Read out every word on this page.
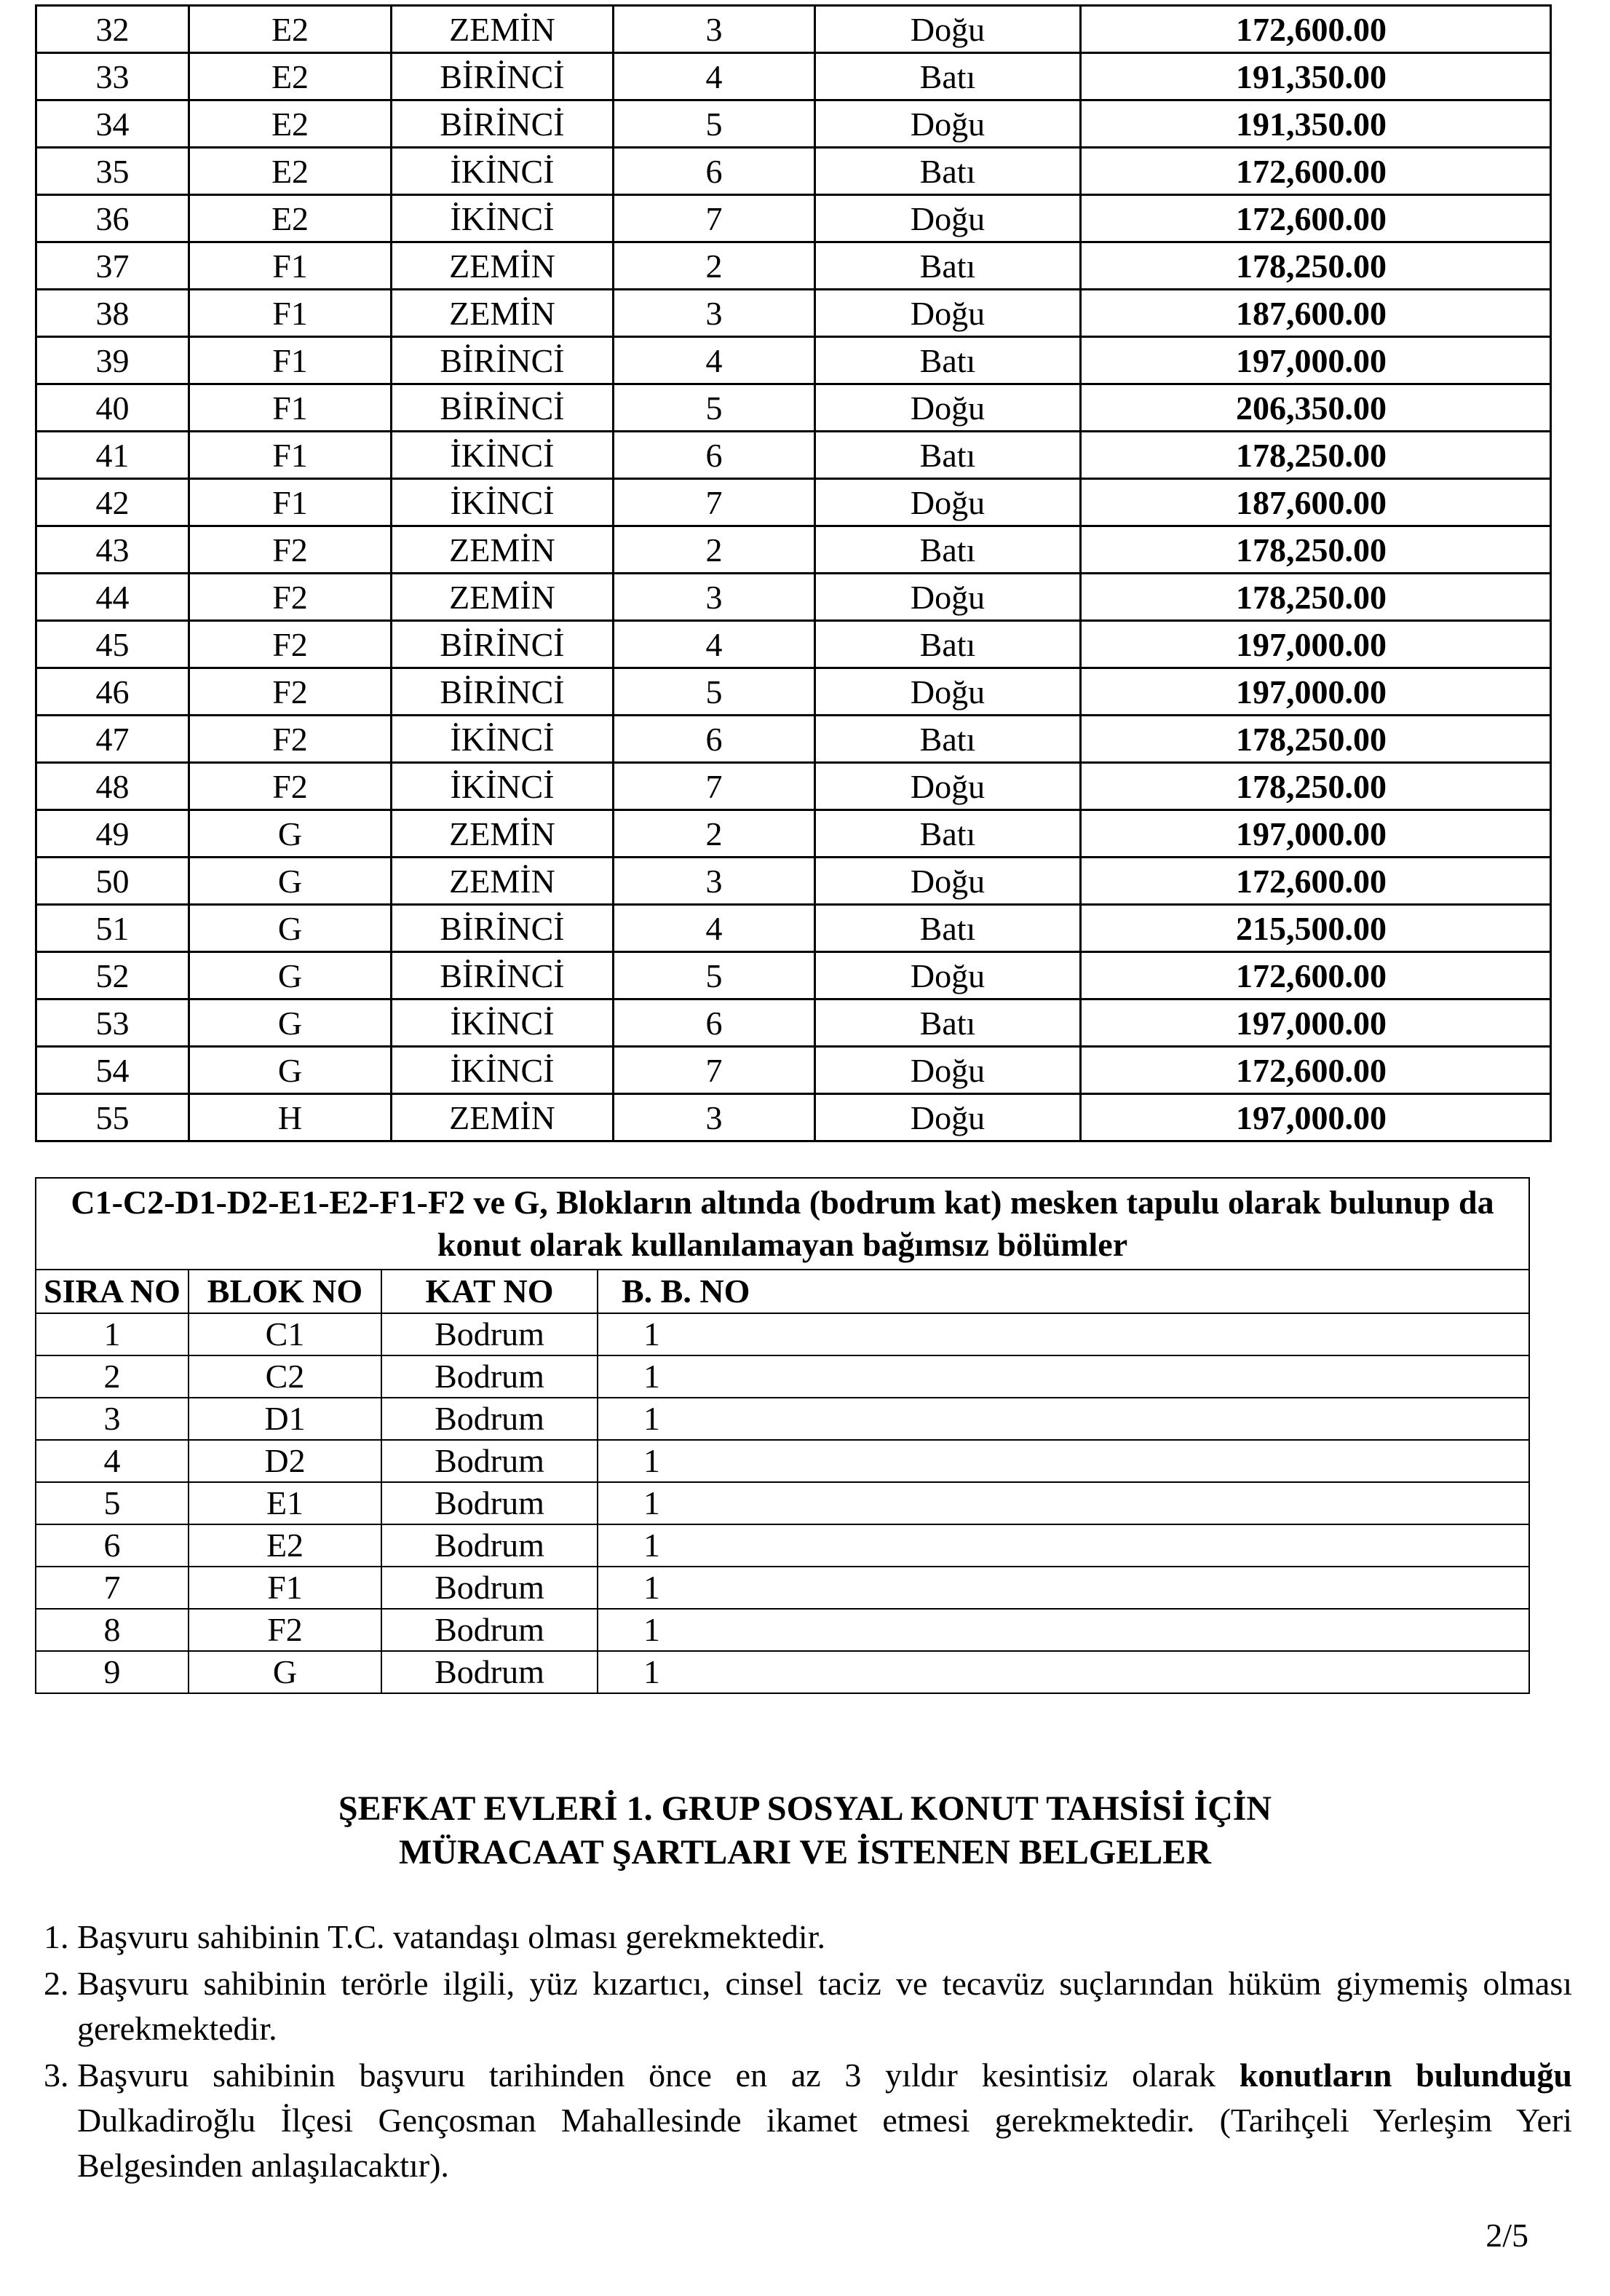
32	E2	ZEMİN	3	Doğu	172,600.00
33	E2	BİRİNCİ	4	Batı	191,350.00
34	E2	BİRİNCİ	5	Doğu	191,350.00
35	E2	İKİNCİ	6	Batı	172,600.00
36	E2	İKİNCİ	7	Doğu	172,600.00
37	F1	ZEMİN	2	Batı	178,250.00
38	F1	ZEMİN	3	Doğu	187,600.00
39	F1	BİRİNCİ	4	Batı	197,000.00
40	F1	BİRİNCİ	5	Doğu	206,350.00
41	F1	İKİNCİ	6	Batı	178,250.00
42	F1	İKİNCİ	7	Doğu	187,600.00
43	F2	ZEMİN	2	Batı	178,250.00
44	F2	ZEMİN	3	Doğu	178,250.00
45	F2	BİRİNCİ	4	Batı	197,000.00
46	F2	BİRİNCİ	5	Doğu	197,000.00
47	F2	İKİNCİ	6	Batı	178,250.00
48	F2	İKİNCİ	7	Doğu	178,250.00
49	G	ZEMİN	2	Batı	197,000.00
50	G	ZEMİN	3	Doğu	172,600.00
51	G	BİRİNCİ	4	Batı	215,500.00
52	G	BİRİNCİ	5	Doğu	172,600.00
53	G	İKİNCİ	6	Batı	197,000.00
54	G	İKİNCİ	7	Doğu	172,600.00
55	H	ZEMİN	3	Doğu	197,000.00
C1-C2-D1-D2-E1-E2-F1-F2 ve G, Blokların altında (bodrum kat) mesken tapulu olarak bulunup da konut olarak kullanılamayan bağımsız bölümler				
SIRA NO	BLOK NO	KAT NO	B. B. NO	
1	C1	Bodrum	1	
2	C2	Bodrum	1	
3	D1	Bodrum	1	
4	D2	Bodrum	1	
5	E1	Bodrum	1	
6	E2	Bodrum	1	
7	F1	Bodrum	1	
8	F2	Bodrum	1	
9	G	Bodrum	1	
ŞEFKAT EVLERİ 1. GRUP SOSYAL KONUT TAHSİSİ İÇİN
MÜRACAAT ŞARTLARI VE İSTENEN BELGELER
1. Başvuru sahibinin T.C. vatandaşı olması gerekmektedir.
2. Başvuru sahibinin terörle ilgili, yüz kızartıcı, cinsel taciz ve tecavüz suçlarından hüküm giymemiş olması gerekmektedir.
3. Başvuru sahibinin başvuru tarihinden önce en az 3 yıldır kesintisiz olarak konutların bulunduğu Dulkadiroğlu İlçesi Gençosman Mahallesinde ikamet etmesi gerekmektedir. (Tarihçeli Yerleşim Yeri Belgesinden anlaşılacaktır).
2/5
